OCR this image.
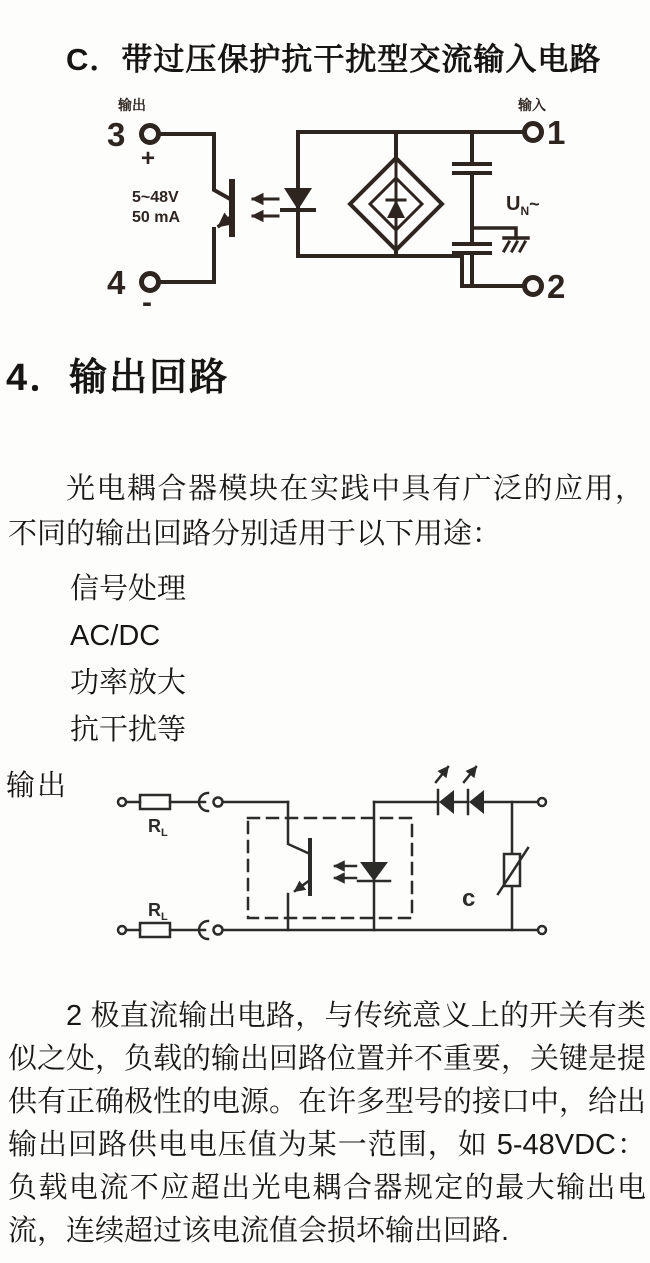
C．带过压保护抗干扰型交流输入电路
输出	输入
3
+
4
-
1
2
5~48V
50 mA
$U_N\sim$
4．输出回路

光电耦合器模块在实践中具有广泛的应用，不同的输出回路分别适用于以下用途：

信号处理
AC/DC
功率放大
抗干扰等
输出
$R_L$
$R_L$
c

2 极直流输出电路，与传统意义上的开关有类似之处，负载的输出回路位置并不重要，关键是提供有正确极性的电源。在许多型号的接口中，给出输出回路供电电压值为某一范围，如 5-48VDC：负载电流不应超出光电耦合器规定的最大输出电流，连续超过该电流值会损坏输出回路.
